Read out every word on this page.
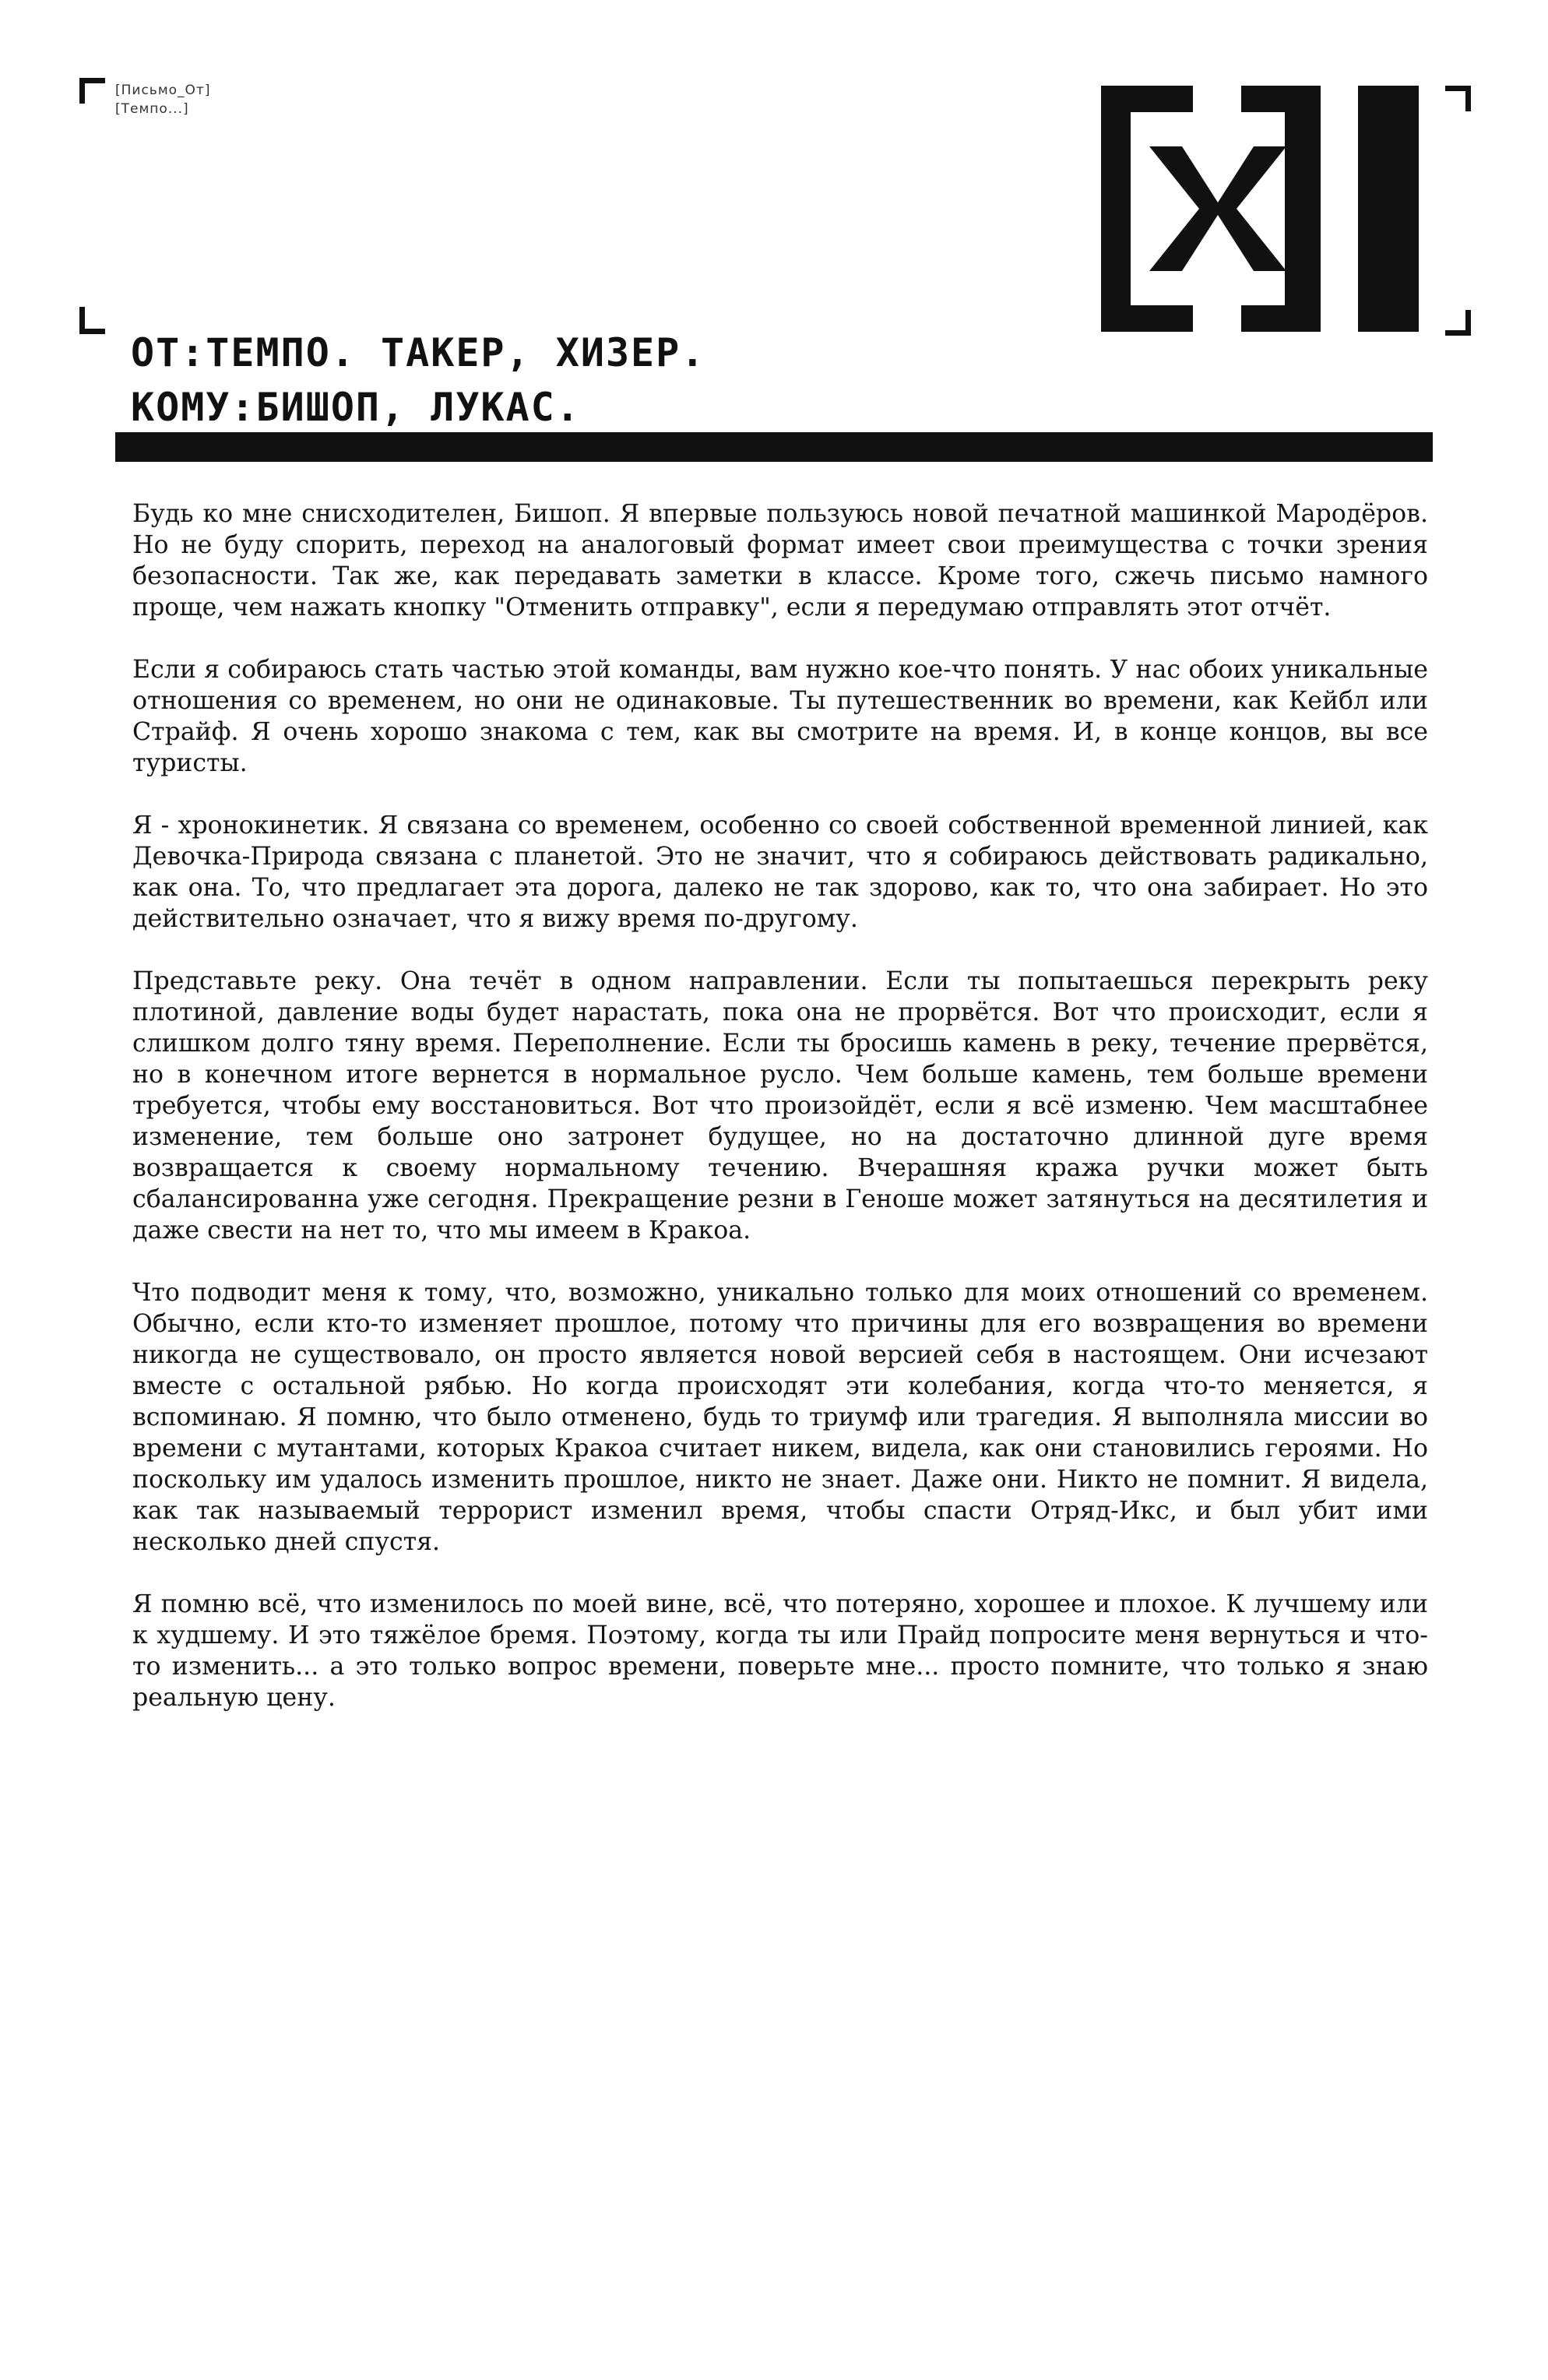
[Письмо_От]
[Темпо...]
ОТ:ТЕМПО. ТАКЕР, ХИЗЕР.
КОМУ:БИШОП, ЛУКАС.

Будь ко мне снисходителен, Бишоп. Я впервые пользуюсь новой печатной машинкой Мародёров. Но не буду спорить, переход на аналоговый формат имеет свои преимущества с точки зрения безопасности. Так же, как передавать заметки в классе. Кроме того, сжечь письмо намного проще, чем нажать кнопку "Отменить отправку", если я передумаю отправлять этот отчёт.

Если я собираюсь стать частью этой команды, вам нужно кое-что понять. У нас обоих уникальные отношения со временем, но они не одинаковые. Ты путешественник во времени, как Кейбл или Страйф. Я очень хорошо знакома с тем, как вы смотрите на время. И, в конце концов, вы все туристы.

Я - хронокинетик. Я связана со временем, особенно со своей собственной временной линией, как Девочка-Природа связана с планетой. Это не значит, что я собираюсь действовать радикально, как она. То, что предлагает эта дорога, далеко не так здорово, как то, что она забирает. Но это действительно означает, что я вижу время по-другому.

Представьте реку. Она течёт в одном направлении. Если ты попытаешься перекрыть реку плотиной, давление воды будет нарастать, пока она не прорвётся. Вот что происходит, если я слишком долго тяну время. Переполнение. Если ты бросишь камень в реку, течение прервётся, но в конечном итоге вернется в нормальное русло. Чем больше камень, тем больше времени требуется, чтобы ему восстановиться. Вот что произойдёт, если я всё изменю. Чем масштабнее изменение, тем больше оно затронет будущее, но на достаточно длинной дуге время возвращается к своему нормальному течению. Вчерашняя кража ручки может быть сбалансированна уже сегодня. Прекращение резни в Геноше может затянуться на десятилетия и даже свести на нет то, что мы имеем в Кракоа.

Что подводит меня к тому, что, возможно, уникально только для моих отношений со временем. Обычно, если кто-то изменяет прошлое, потому что причины для его возвращения во времени никогда не существовало, он просто является новой версией себя в настоящем. Они исчезают вместе с остальной рябью. Но когда происходят эти колебания, когда что-то меняется, я вспоминаю. Я помню, что было отменено, будь то триумф или трагедия. Я выполняла миссии во времени с мутантами, которых Кракоа считает никем, видела, как они становились героями. Но поскольку им удалось изменить прошлое, никто не знает. Даже они. Никто не помнит. Я видела, как так называемый террорист изменил время, чтобы спасти Отряд-Икс, и был убит ими несколько дней спустя.

Я помню всё, что изменилось по моей вине, всё, что потеряно, хорошее и плохое. К лучшему или к худшему. И это тяжёлое бремя. Поэтому, когда ты или Прайд попросите меня вернуться и что-то изменить... а это только вопрос времени, поверьте мне... просто помните, что только я знаю реальную цену.
